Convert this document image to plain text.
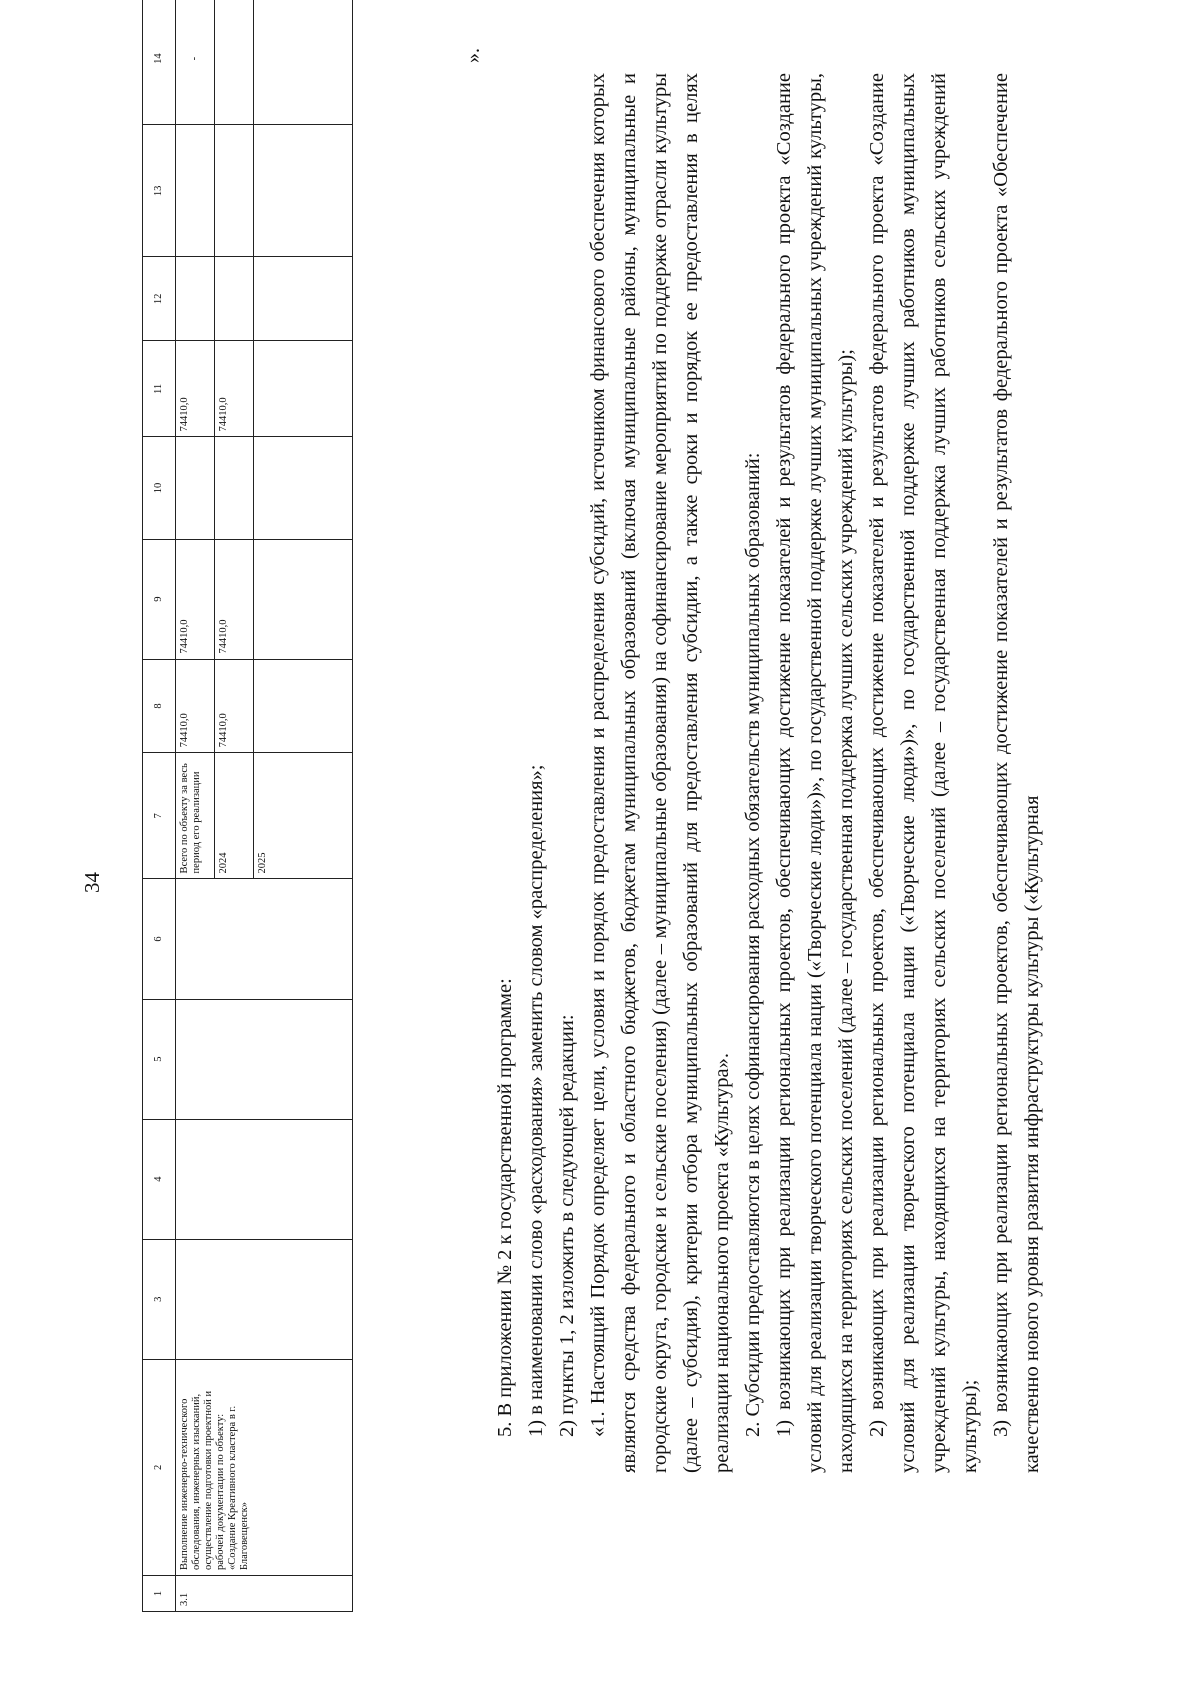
34
1	2	3	4	5	6	7	8	9	10	11	12	13	14
3.1	Выполнение инженерно-технического обследования, инженерных изысканий, осуществление подготовки проектной и рабочей документации по объекту: «Создание Креативного кластера в г. Благовещенск»					Всего по объекту за весь период его реализации	74410,0	74410,0		74410,0			-
						2024	74410,0	74410,0		74410,0			
						2025							
».

5. В приложении № 2 к государственной программе: 1) в наименовании слово «расходования» заменить словом «распределения»; 2) пункты 1, 2 изложить в следующей редакции: «1. Настоящий Порядок определяет цели, условия и порядок предоставления и распределения субсидий, источником финансового обеспечения которых являются средства федерального и областного бюджетов, бюджетам муниципальных образований (включая муниципальные районы, муниципальные и городские округа, городские и сельские поселения) (далее – муниципальные образования) на софинансирование мероприятий по поддержке отрасли культуры (далее – субсидия), критерии отбора муниципальных образований для предоставления субсидии, а также сроки и порядок ее предоставления в целях реализации национального проекта «Культура». 2. Субсидии предоставляются в целях софинансирования расходных обязательств муниципальных образований: 1) возникающих при реализации региональных проектов, обеспечивающих достижение показателей и результатов федерального проекта «Создание условий для реализации творческого потенциала нации («Творческие люди»)», по государственной поддержке лучших муниципальных учреждений культуры, находящихся на территориях сельских поселений (далее – государственная поддержка лучших сельских учреждений культуры); 2) возникающих при реализации региональных проектов, обеспечивающих достижение показателей и результатов федерального проекта «Создание условий для реализации творческого потенциала нации («Творческие люди»)», по государственной поддержке лучших работников муниципальных учреждений культуры, находящихся на территориях сельских поселений (далее – государственная поддержка лучших работников сельских учреждений культуры); 3) возникающих при реализации региональных проектов, обеспечивающих достижение показателей и результатов федерального проекта «Обеспечение качественно нового уровня развития инфраструктуры культуры («Культурная
